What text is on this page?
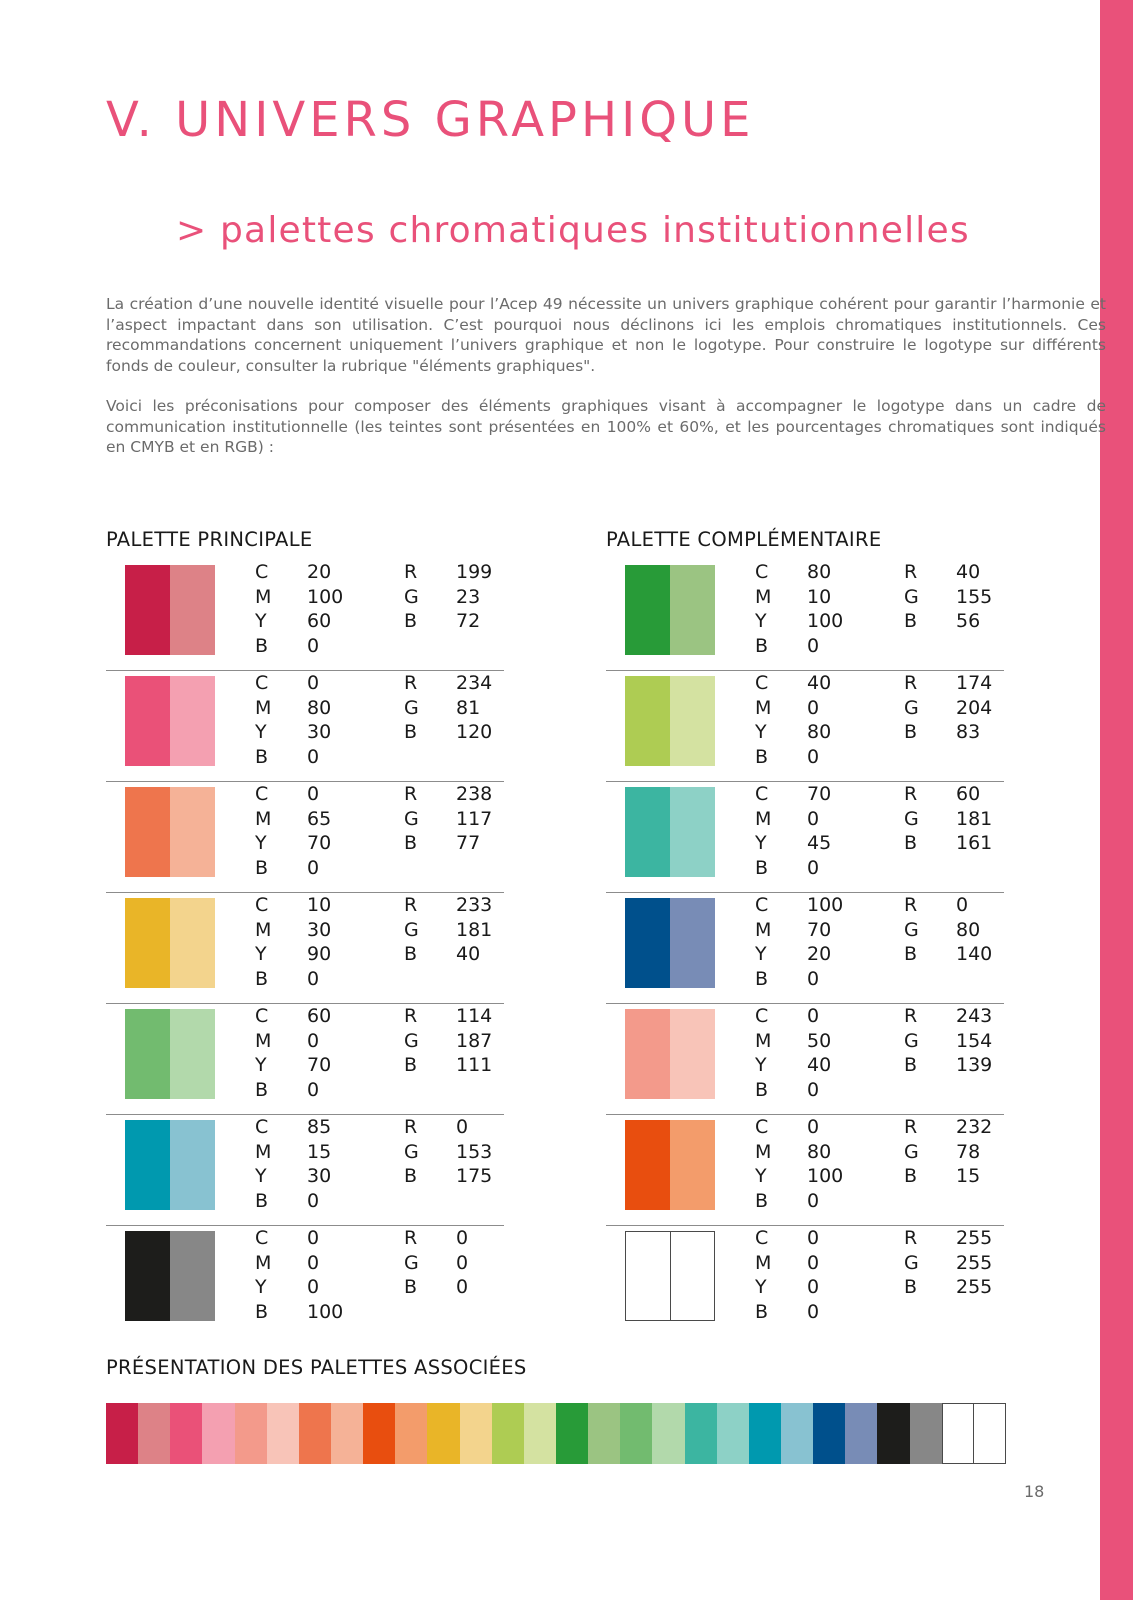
V. UNIVERS GRAPHIQUE
> palettes chromatiques institutionnelles

La création d’une nouvelle identité visuelle pour l’Acep 49 nécessite un univers graphique cohérent pour garantir l’harmonie et l’aspect impactant dans son utilisation. C’est pourquoi nous déclinons ici les emplois chromatiques institutionnels. Ces recommandations concernent uniquement l’univers graphique et non le logotype. Pour construire le logotype sur différents fonds de couleur, consulter la rubrique "éléments graphiques".

Voici les préconisations pour composer des éléments graphiques visant à accompagner le logotype dans un cadre de communication institutionnelle (les teintes sont présentées en 100% et 60%, et les pourcentages chromatiques sont indiqués en CMYB et en RGB) :

PALETTE PRINCIPALE	PALETTE COMPLÉMENTAIRE
C 20
M 100
Y 60
B 0
R 199
G 23
B 72
C 0
M 80
Y 30
B 0
R 234
G 81
B 120
C 0
M 65
Y 70
B 0
R 238
G 117
B 77
C 10
M 30
Y 90
B 0
R 233
G 181
B 40
C 60
M 0
Y 70
B 0
R 114
G 187
B 111
C 85
M 15
Y 30
B 0
R 0
G 153
B 175
C 0
M 0
Y 0
B 100
R 0
G 0
B 0
C 80
M 10
Y 100
B 0
R 40
G 155
B 56
C 40
M 0
Y 80
B 0
R 174
G 204
B 83
C 70
M 0
Y 45
B 0
R 60
G 181
B 161
C 100
M 70
Y 20
B 0
R 0
G 80
B 140
C 0
M 50
Y 40
B 0
R 243
G 154
B 139
C 0
M 80
Y 100
B 0
R 232
G 78
B 15
C 0
M 0
Y 0
B 0
R 255
G 255
B 255
PRÉSENTATION DES PALETTES ASSOCIÉES
18
